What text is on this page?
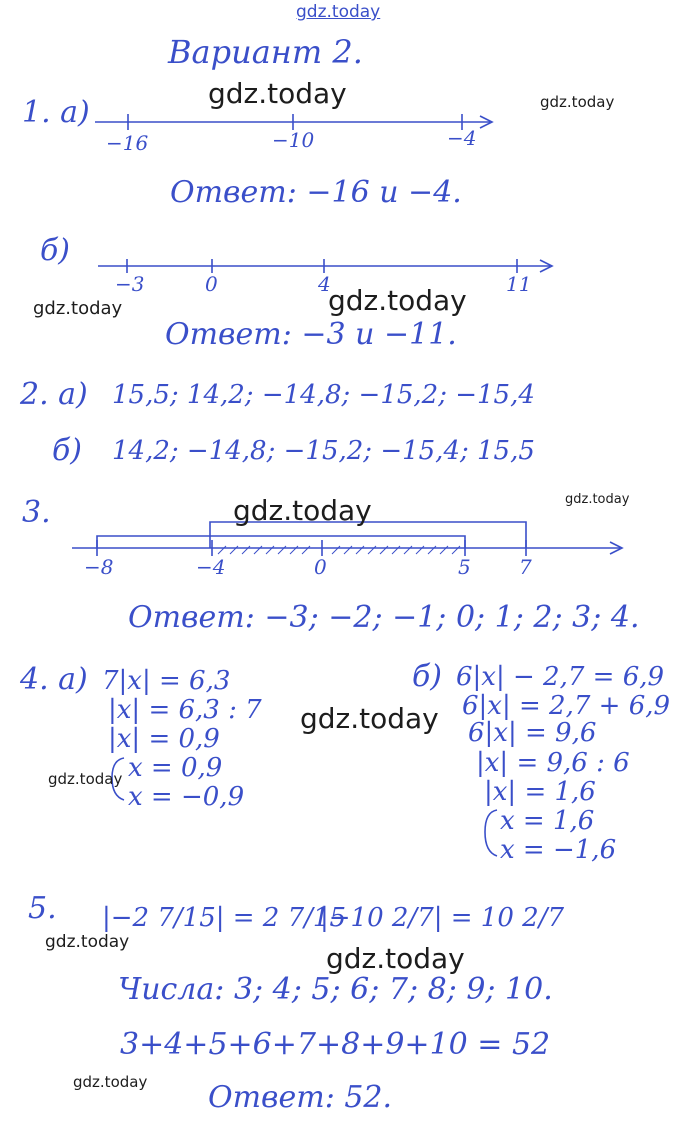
gdz.today
gdz.today	gdz.today
gdz.today	gdz.today
gdz.today	gdz.today
gdz.today
gdz.today
gdz.today	gdz.today
gdz.today
Вариант 2.
1. а)
−16	−10	−4
Ответ: −16 и −4.
б)
−3	0	4	11
Ответ: −3 и −11.
2. а) 15,5; 14,2; −14,8; −15,2; −15,4
б) 14,2; −14,8; −15,2; −15,4; 15,5
3.
−8	−4	0	5 7
Ответ: −3; −2; −1; 0; 1; 2; 3; 4.
4. а) 7|x| = 6,3
|x| = 6,3 : 7
|x| = 0,9
x = 0,9
x = −0,9
б) 6|x| − 2,7 = 6,9
6|x| = 2,7 + 6,9
6|x| = 9,6
|x| = 9,6 : 6
|x| = 1,6
x = 1,6
x = −1,6
5. |−2 7/15| = 2 7/15
|−10 2/7| = 10 2/7
Числа: 3; 4; 5; 6; 7; 8; 9; 10.
3+4+5+6+7+8+9+10 = 52
Ответ: 52.
